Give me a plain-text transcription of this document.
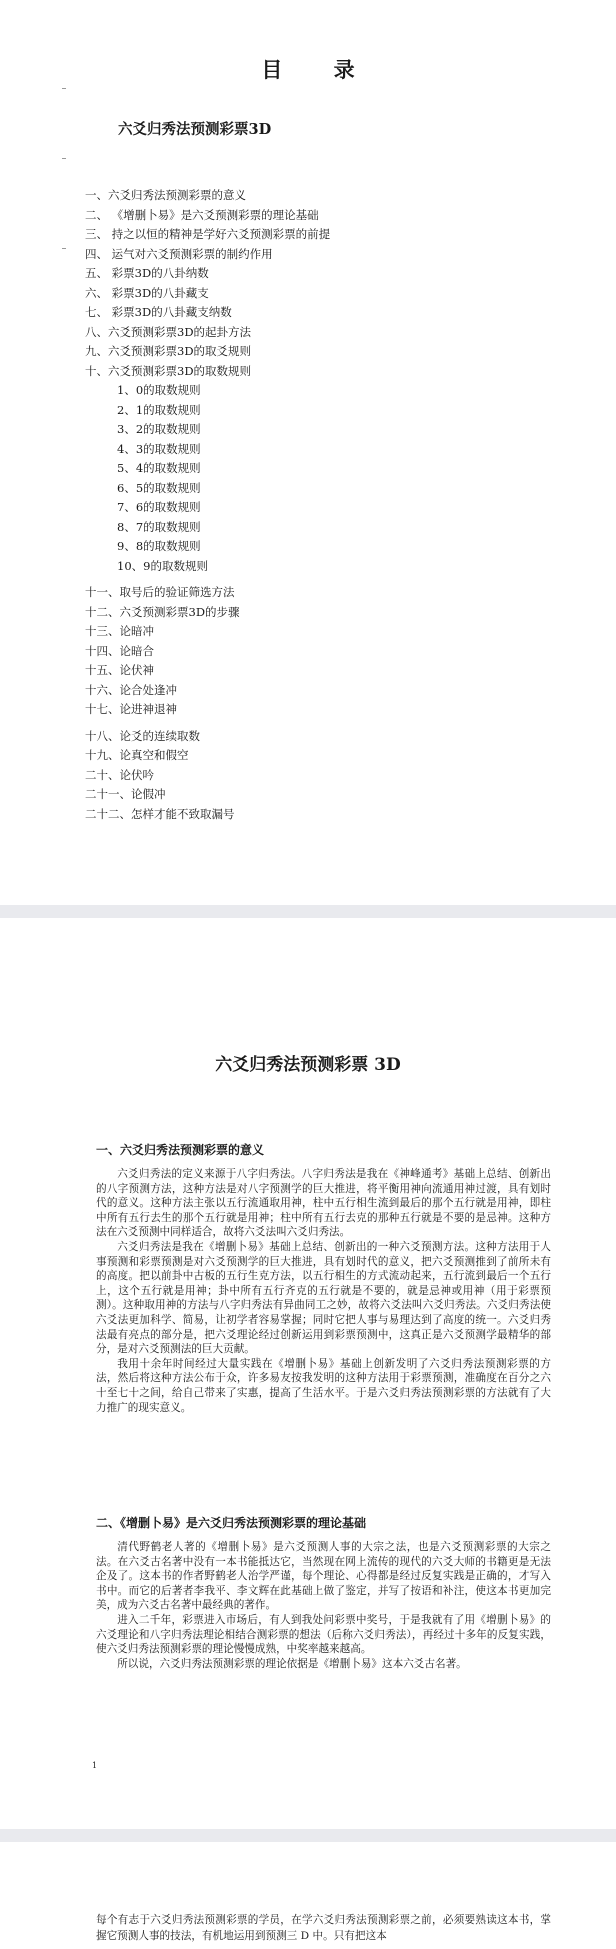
目 录
六爻归秀法预测彩票3D
一、六爻归秀法预测彩票的意义
二、 《增删卜易》是六爻预测彩票的理论基础
三、 持之以恒的精神是学好六爻预测彩票的前提
四、 运气对六爻预测彩票的制约作用
五、 彩票3D的八卦纳数
六、 彩票3D的八卦藏支
七、 彩票3D的八卦藏支纳数
八、六爻预测彩票3D的起卦方法
九、六爻预测彩票3D的取爻规则
十、六爻预测彩票3D的取数规则
1、0的取数规则
2、1的取数规则
3、2的取数规则
4、3的取数规则
5、4的取数规则
6、5的取数规则
7、6的取数规则
8、7的取数规则
9、8的取数规则
10、9的取数规则
十一、取号后的验证筛选方法
十二、六爻预测彩票3D的步骤
十三、论暗冲
十四、论暗合
十五、论伏神
十六、论合处逢冲
十七、论进神退神
十八、论爻的连续取数
十九、论真空和假空
二十、论伏吟
二十一、论假冲
二十二、怎样才能不致取漏号
六爻归秀法预测彩票 3D
一、六爻归秀法预测彩票的意义

六爻归秀法的定义来源于八字归秀法。八字归秀法是我在《神峰通考》基础上总结、创新出的八字预测方法，这种方法是对八字预测学的巨大推进，将平衡用神向流通用神过渡，具有划时代的意义。这种方法主张以五行流通取用神，柱中五行相生流到最后的那个五行就是用神，即柱中所有五行去生的那个五行就是用神；柱中所有五行去克的那种五行就是不要的是忌神。这种方法在六爻预测中同样适合，故将六爻法叫六爻归秀法。

六爻归秀法是我在《增删卜易》基础上总结、创新出的一种六爻预测方法。这种方法用于人事预测和彩票预测是对六爻预测学的巨大推进，具有划时代的意义，把六爻预测推到了前所未有的高度。把以前卦中古板的五行生克方法，以五行相生的方式流动起来，五行流到最后一个五行上，这个五行就是用神；卦中所有五行齐克的五行就是不要的，就是忌神或用神（用于彩票预测）。这种取用神的方法与八字归秀法有异曲同工之妙，故将六爻法叫六爻归秀法。六爻归秀法使六爻法更加科学、简易，让初学者容易掌握；同时它把人事与易理达到了高度的统一。六爻归秀法最有亮点的部分是，把六爻理论经过创新运用到彩票预测中，这真正是六爻预测学最精华的部分，是对六爻预测法的巨大贡献。

我用十余年时间经过大量实践在《增删卜易》基础上创新发明了六爻归秀法预测彩票的方法，然后将这种方法公布于众，许多易友按我发明的这种方法用于彩票预测，准确度在百分之六十至七十之间，给自己带来了实惠，提高了生活水平。于是六爻归秀法预测彩票的方法就有了大力推广的现实意义。

二、《增删卜易》是六爻归秀法预测彩票的理论基础

清代野鹤老人著的《增删卜易》是六爻预测人事的大宗之法，也是六爻预测彩票的大宗之法。在六爻古名著中没有一本书能抵达它，当然现在网上流传的现代的六爻大师的书籍更是无法企及了。这本书的作者野鹤老人治学严谨，每个理论、心得都是经过反复实践是正确的，才写入书中。而它的后著者李我平、李文辉在此基础上做了鉴定，并写了按语和补注，使这本书更加完美，成为六爻古名著中最经典的著作。

进入二千年，彩票进入市场后，有人到我处问彩票中奖号，于是我就有了用《增删卜易》的六爻理论和八字归秀法理论相结合测彩票的想法（后称六爻归秀法），再经过十多年的反复实践，使六爻归秀法预测彩票的理论慢慢成熟，中奖率越来越高。

所以说，六爻归秀法预测彩票的理论依据是《增删卜易》这本六爻古名著。

1
每个有志于六爻归秀法预测彩票的学员，在学六爻归秀法预测彩票之前，必须要熟读这本书，掌握它预测人事的技法，有机地运用到预测三 D 中。只有把这本
